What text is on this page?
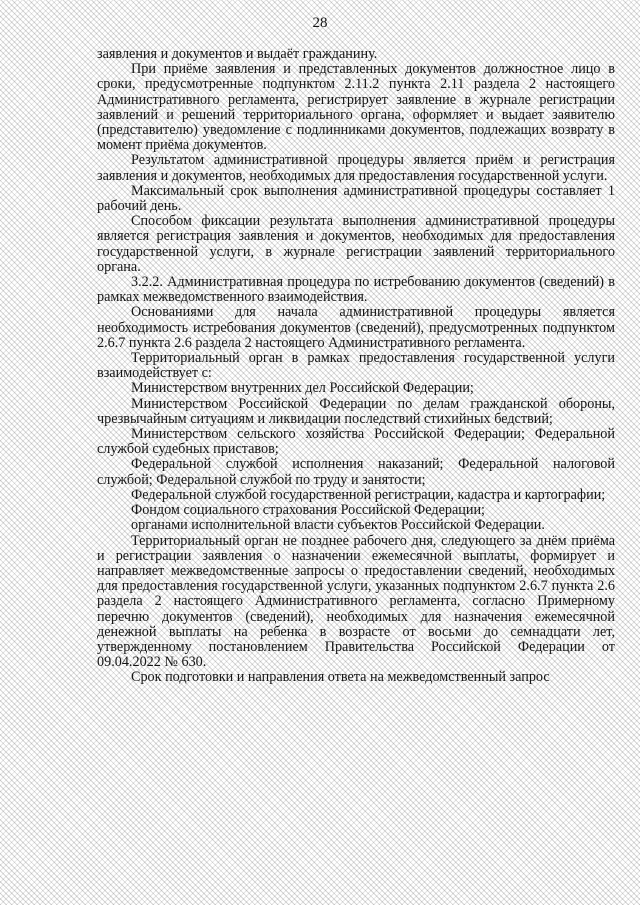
28

заявления и документов и выдаёт гражданину.

При приёме заявления и представленных документов должностное лицо в сроки, предусмотренные подпунктом 2.11.2 пункта 2.11 раздела 2 настоящего Административного регламента, регистрирует заявление в журнале регистрации заявлений и решений территориального органа, оформляет и выдает заявителю (представителю) уведомление с подлинниками документов, подлежащих возврату в момент приёма документов.

Результатом административной процедуры является приём и регистрация заявления и документов, необходимых для предоставления государственной услуги.

Максимальный срок выполнения административной процедуры составляет 1 рабочий день.

Способом фиксации результата выполнения административной процедуры является регистрация заявления и документов, необходимых для предоставления государственной услуги, в журнале регистрации заявлений территориального органа.

3.2.2. Административная процедура по истребованию документов (сведений) в рамках межведомственного взаимодействия.

Основаниями для начала административной процедуры является необходимость истребования документов (сведений), предусмотренных подпунктом 2.6.7 пункта 2.6 раздела 2 настоящего Административного регламента.

Территориальный орган в рамках предоставления государственной услуги взаимодействует с:

Министерством внутренних дел Российской Федерации;

Министерством Российской Федерации по делам гражданской обороны, чрезвычайным ситуациям и ликвидации последствий стихийных бедствий;

Министерством сельского хозяйства Российской Федерации; Федеральной службой судебных приставов;

Федеральной службой исполнения наказаний; Федеральной налоговой службой; Федеральной службой по труду и занятости;

Федеральной службой государственной регистрации, кадастра и картографии;

Фондом социального страхования Российской Федерации;

органами исполнительной власти субъектов Российской Федерации.

Территориальный орган не позднее рабочего дня, следующего за днём приёма и регистрации заявления о назначении ежемесячной выплаты, формирует и направляет межведомственные запросы о предоставлении сведений, необходимых для предоставления государственной услуги, указанных подпунктом 2.6.7 пункта 2.6 раздела 2 настоящего Административного регламента, согласно Примерному перечню документов (сведений), необходимых для назначения ежемесячной денежной выплаты на ребенка в возрасте от восьми до семнадцати лет, утвержденному постановлением Правительства Российской Федерации от 09.04.2022 № 630.

Срок подготовки и направления ответа на межведомственный запрос
